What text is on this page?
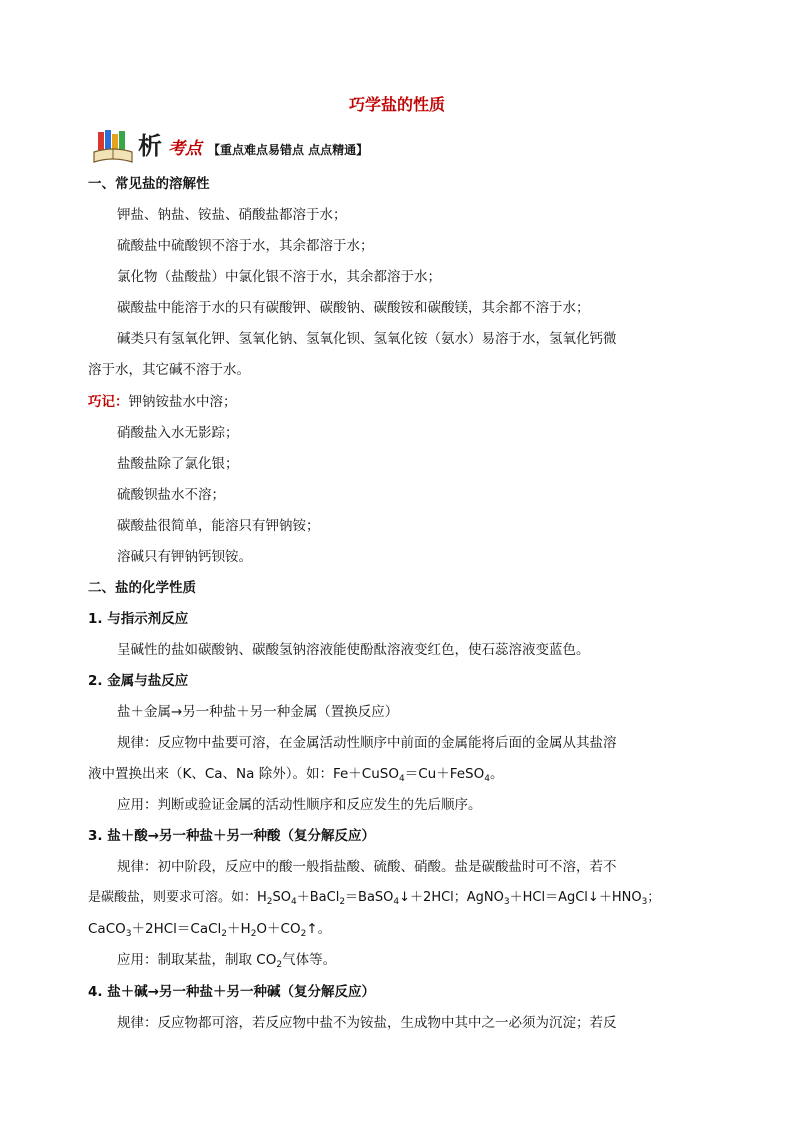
巧学盐的性质
析 考点 【重点难点易错点 点点精通】
一、常见盐的溶解性
钾盐、钠盐、铵盐、硝酸盐都溶于水；
硫酸盐中硫酸钡不溶于水，其余都溶于水；
氯化物（盐酸盐）中氯化银不溶于水，其余都溶于水；
碳酸盐中能溶于水的只有碳酸钾、碳酸钠、碳酸铵和碳酸镁，其余都不溶于水；
碱类只有氢氧化钾、氢氧化钠、氢氧化钡、氢氧化铵（氨水）易溶于水，氢氧化钙微
溶于水，其它碱不溶于水。
巧记：钾钠铵盐水中溶；
硝酸盐入水无影踪；
盐酸盐除了氯化银；
硫酸钡盐水不溶；
碳酸盐很简单，能溶只有钾钠铵；
溶碱只有钾钠钙钡铵。
二、盐的化学性质
1. 与指示剂反应
呈碱性的盐如碳酸钠、碳酸氢钠溶液能使酚酞溶液变红色，使石蕊溶液变蓝色。
2. 金属与盐反应
盐＋金属→另一种盐＋另一种金属（置换反应）
规律：反应物中盐要可溶，在金属活动性顺序中前面的金属能将后面的金属从其盐溶
液中置换出来（K、Ca、Na 除外）。如：Fe＋CuSO$_4$＝Cu＋FeSO$_4$。
应用：判断或验证金属的活动性顺序和反应发生的先后顺序。
3. 盐＋酸→另一种盐＋另一种酸（复分解反应）
规律：初中阶段，反应中的酸一般指盐酸、硫酸、硝酸。盐是碳酸盐时可不溶，若不
是碳酸盐，则要求可溶。如：$H_2SO_4+BaCl_2=BaSO_4↓+2HCl$；$AgNO_3+HCl=AgCl↓+HNO_3$；
$CaCO_3+2HCl=CaCl_2+H_2O+CO_2↑$。
应用：制取某盐，制取 $CO_2$气体等。
4. 盐＋碱→另一种盐＋另一种碱（复分解反应）
规律：反应物都可溶，若反应物中盐不为铵盐，生成物中其中之一必须为沉淀；若反
